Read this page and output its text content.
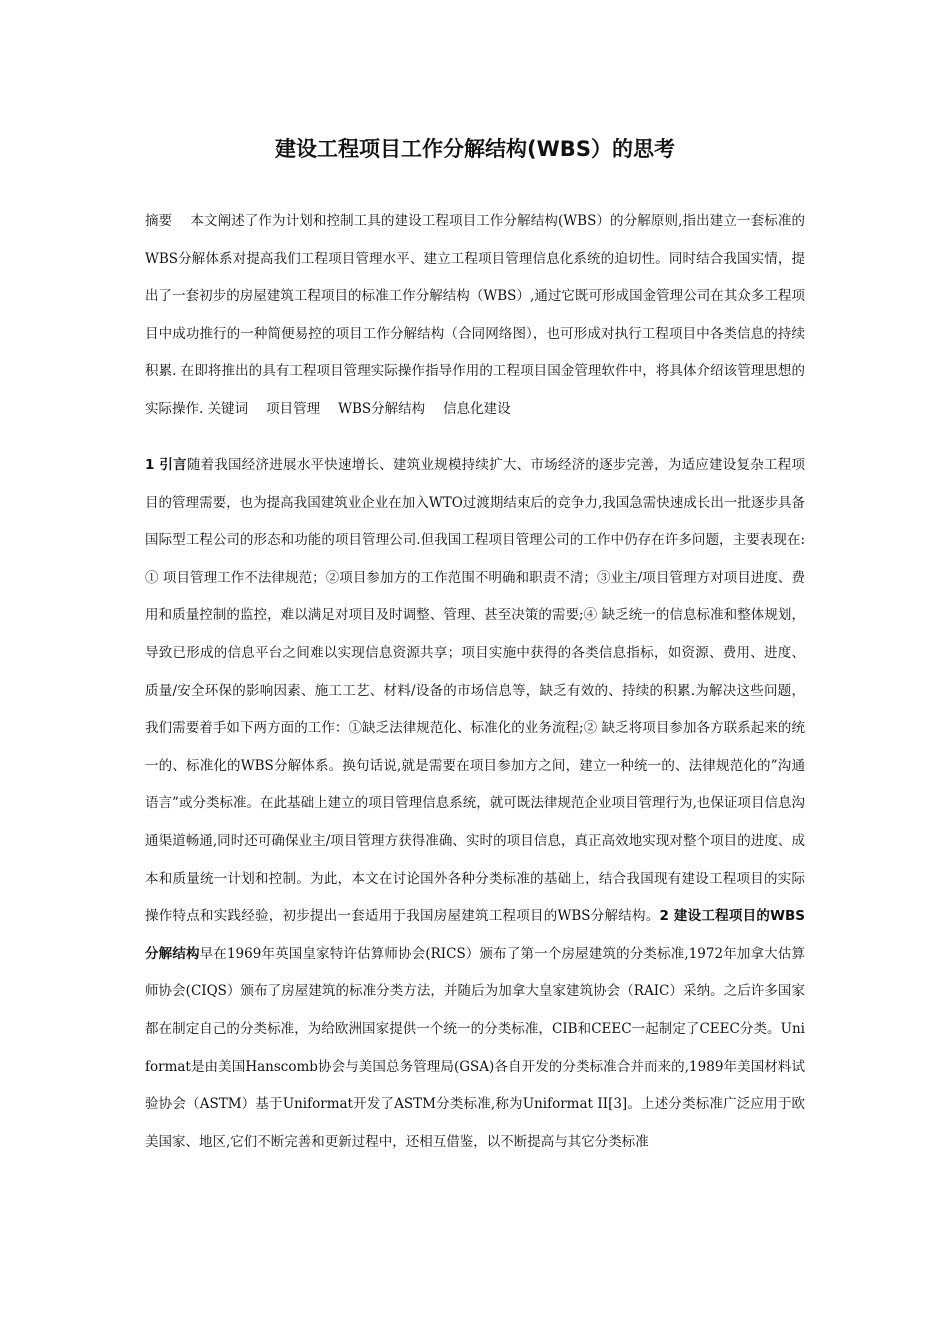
建设工程项目工作分解结构(WBS）的思考

摘要 本文阐述了作为计划和控制工具的建设工程项目工作分解结构(WBS）的分解原则,指出建立一套标准的WBS分解体系对提高我们工程项目管理水平、建立工程项目管理信息化系统的迫切性。同时结合我国实情，提出了一套初步的房屋建筑工程项目的标准工作分解结构（WBS）,通过它既可形成国金管理公司在其众多工程项目中成功推行的一种简便易控的项目工作分解结构（合同网络图），也可形成对执行工程项目中各类信息的持续积累. 在即将推出的具有工程项目管理实际操作指导作用的工程项目国金管理软件中，将具体介绍该管理思想的实际操作. 关键词 项目管理 WBS分解结构 信息化建设

1 引言随着我国经济进展水平快速增长、建筑业规模持续扩大、市场经济的逐步完善，为适应建设复杂工程项目的管理需要，也为提高我国建筑业企业在加入WTO过渡期结束后的竞争力,我国急需快速成长出一批逐步具备国际型工程公司的形态和功能的项目管理公司.但我国工程项目管理公司的工作中仍存在许多问题，主要表现在:① 项目管理工作不法律规范；②项目参加方的工作范围不明确和职责不清；③业主/项目管理方对项目进度、费用和质量控制的监控，难以满足对项目及时调整、管理、甚至决策的需要;④ 缺乏统一的信息标准和整体规划，导致已形成的信息平台之间难以实现信息资源共享；项目实施中获得的各类信息指标，如资源、费用、进度、质量/安全环保的影响因素、施工工艺、材料/设备的市场信息等，缺乏有效的、持续的积累.为解决这些问题，我们需要着手如下两方面的工作：①缺乏法律规范化、标准化的业务流程;② 缺乏将项目参加各方联系起来的统一的、标准化的WBS分解体系。换句话说,就是需要在项目参加方之间，建立一种统一的、法律规范化的”沟通语言”或分类标准。在此基础上建立的项目管理信息系统，就可既法律规范企业项目管理行为,也保证项目信息沟通渠道畅通,同时还可确保业主/项目管理方获得准确、实时的项目信息，真正高效地实现对整个项目的进度、成本和质量统一计划和控制。为此，本文在讨论国外各种分类标准的基础上，结合我国现有建设工程项目的实际操作特点和实践经验，初步提出一套适用于我国房屋建筑工程项目的WBS分解结构。2 建设工程项目的WBS分解结构早在1969年英国皇家特许估算师协会(RICS）颁布了第一个房屋建筑的分类标准,1972年加拿大估算师协会(CIQS）颁布了房屋建筑的标准分类方法，并随后为加拿大皇家建筑协会（RAIC）采纳。之后许多国家都在制定自己的分类标准，为给欧洲国家提供一个统一的分类标准，CIB和CEEC一起制定了CEEC分类。Uniformat是由美国Hanscomb协会与美国总务管理局(GSA)各自开发的分类标准合并而来的,1989年美国材料试验协会（ASTM）基于Uniformat开发了ASTM分类标准,称为Uniformat II[3]。上述分类标准广泛应用于欧美国家、地区,它们不断完善和更新过程中，还相互借鉴，以不断提高与其它分类标准
